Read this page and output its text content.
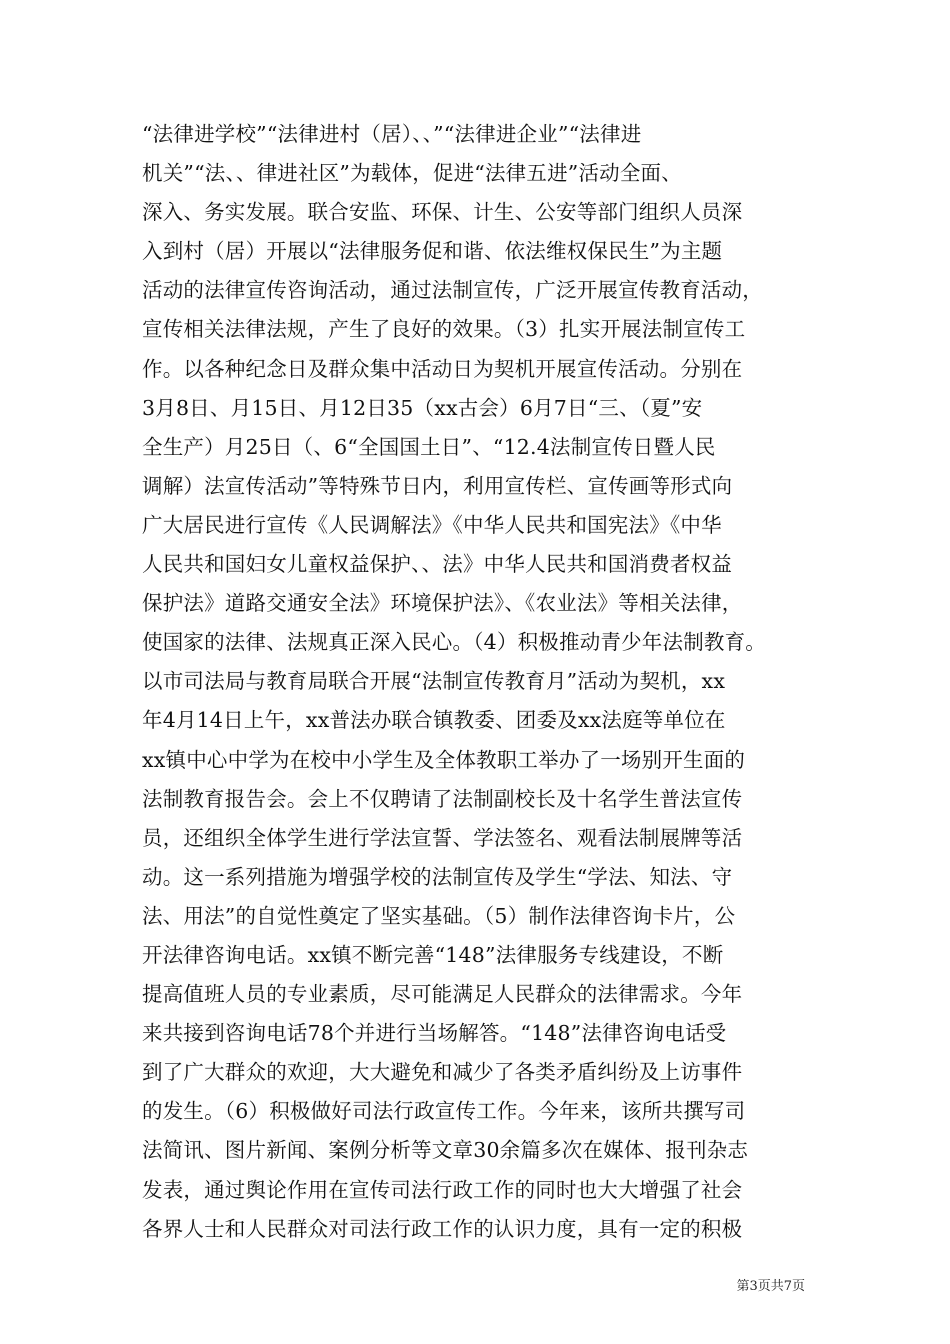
“法律进学校”“法律进村（居）、、”“法律进企业”“法律进
机关”“法、、律进社区”为载体，促进“法律五进”活动全面、
深入、务实发展。联合安监、环保、计生、公安等部门组织人员深
入到村（居）开展以“法律服务促和谐、依法维权保民生”为主题
活动的法律宣传咨询活动，通过法制宣传，广泛开展宣传教育活动，
宣传相关法律法规，产生了良好的效果。（3）扎实开展法制宣传工
作。以各种纪念日及群众集中活动日为契机开展宣传活动。分别在
3月8日、月15日、月12日35（xx古会）6月7日“三、（夏”安
全生产）月25日（、6“全国国土日”、“12.4法制宣传日暨人民
调解）法宣传活动”等特殊节日内，利用宣传栏、宣传画等形式向
广大居民进行宣传《人民调解法》《中华人民共和国宪法》《中华
人民共和国妇女儿童权益保护、、法》中华人民共和国消费者权益
保护法》道路交通安全法》环境保护法》、《农业法》等相关法律，
使国家的法律、法规真正深入民心。（4）积极推动青少年法制教育。
以市司法局与教育局联合开展“法制宣传教育月”活动为契机，xx
年4月14日上午，xx普法办联合镇教委、团委及xx法庭等单位在
xx镇中心中学为在校中小学生及全体教职工举办了一场别开生面的
法制教育报告会。会上不仅聘请了法制副校长及十名学生普法宣传
员，还组织全体学生进行学法宣誓、学法签名、观看法制展牌等活
动。这一系列措施为增强学校的法制宣传及学生“学法、知法、守
法、用法”的自觉性奠定了坚实基础。（5）制作法律咨询卡片，公
开法律咨询电话。xx镇不断完善“148”法律服务专线建设，不断
提高值班人员的专业素质，尽可能满足人民群众的法律需求。今年
来共接到咨询电话78个并进行当场解答。“148”法律咨询电话受
到了广大群众的欢迎，大大避免和减少了各类矛盾纠纷及上访事件
的发生。（6）积极做好司法行政宣传工作。今年来，该所共撰写司
法简讯、图片新闻、案例分析等文章30余篇多次在媒体、报刊杂志
发表，通过舆论作用在宣传司法行政工作的同时也大大增强了社会
各界人士和人民群众对司法行政工作的认识力度，具有一定的积极
第3页共7页
